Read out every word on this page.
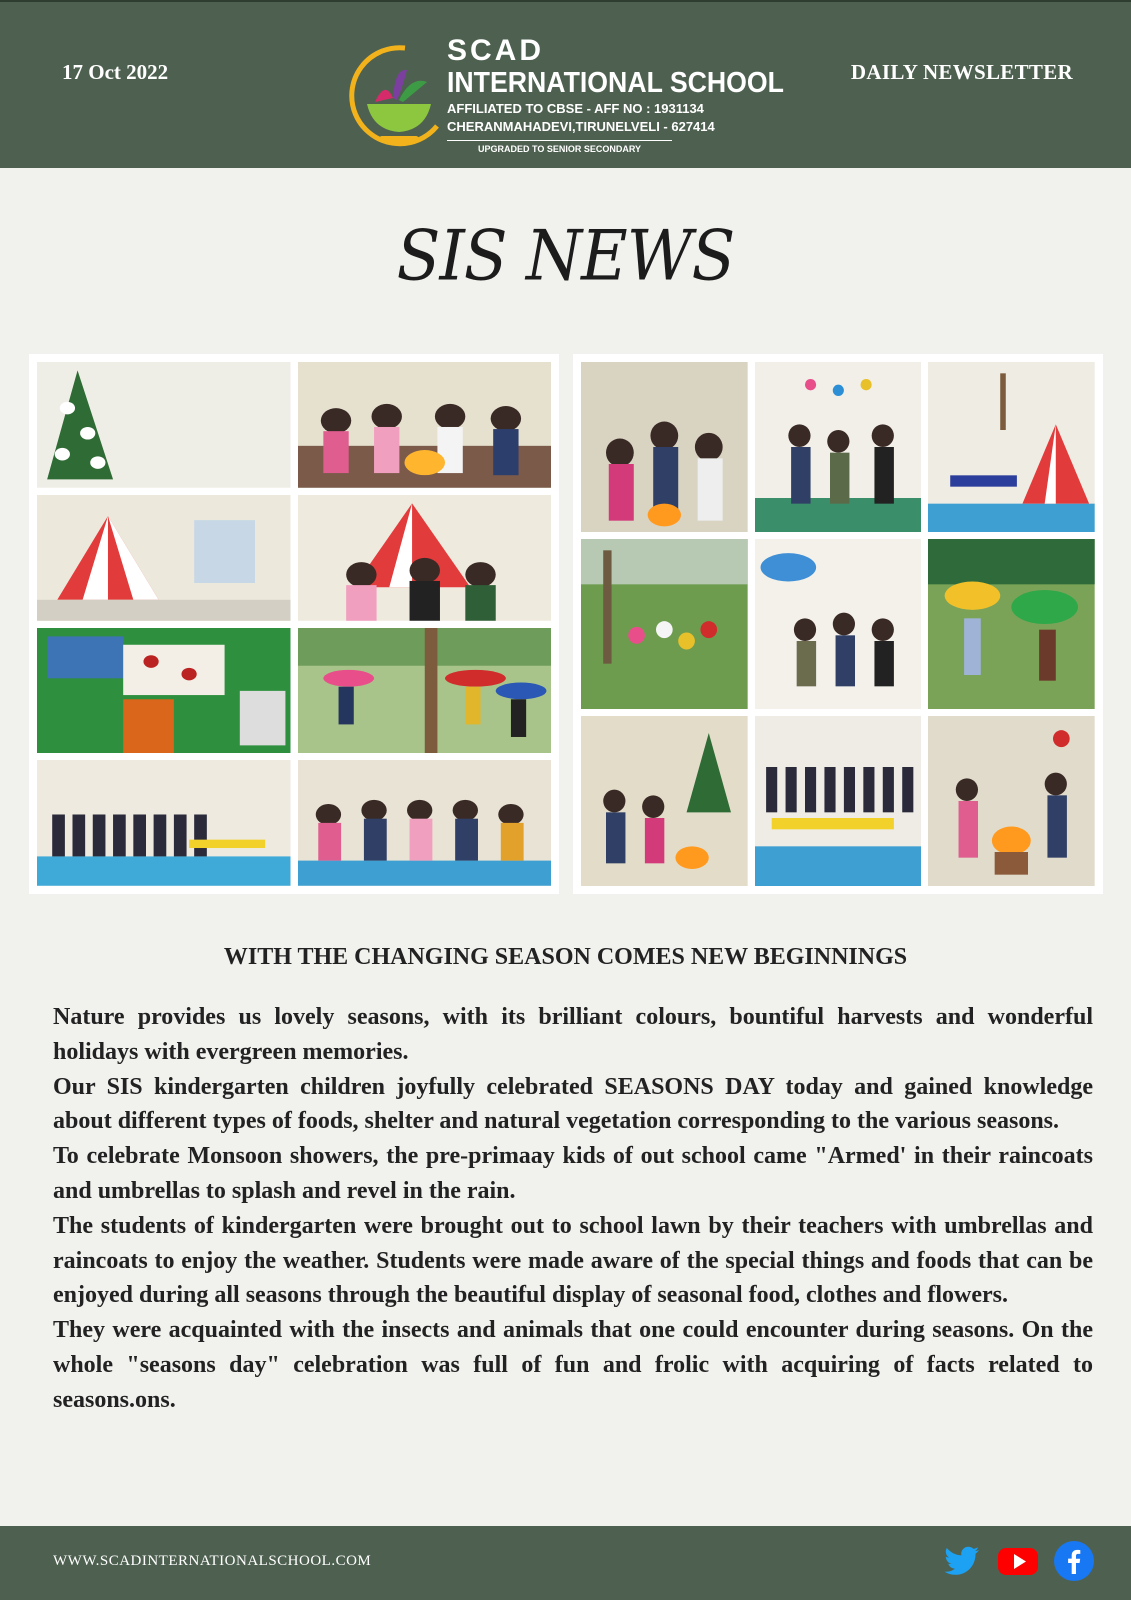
17 Oct 2022
SCAD
INTERNATIONAL SCHOOL
AFFILIATED TO CBSE - AFF NO : 1931134
CHERANMAHADEVI,TIRUNELVELI - 627414
UPGRADED TO SENIOR SECONDARY
DAILY NEWSLETTER
SIS NEWS
WITH THE CHANGING SEASON COMES NEW BEGINNINGS

Nature provides us lovely seasons, with its brilliant colours, bountiful harvests and wonderful holidays with evergreen memories.

Our SIS kindergarten children joyfully celebrated SEASONS DAY today and gained knowledge about different types of foods, shelter and natural vegetation corresponding to the various seasons.

To celebrate Monsoon showers, the pre-primaay kids of out school came "Armed' in their raincoats and umbrellas to splash and revel in the rain.

The students of kindergarten were brought out to school lawn by their teachers with umbrellas and raincoats to enjoy the weather. Students were made aware of the special things and foods that can be enjoyed during all seasons through the beautiful display of seasonal food, clothes and flowers.

They were acquainted with the insects and animals that one could encounter during seasons. On the whole "seasons day" celebration was full of fun and frolic with acquiring of facts related to seasons.ons.

WWW.SCADINTERNATIONALSCHOOL.COM
